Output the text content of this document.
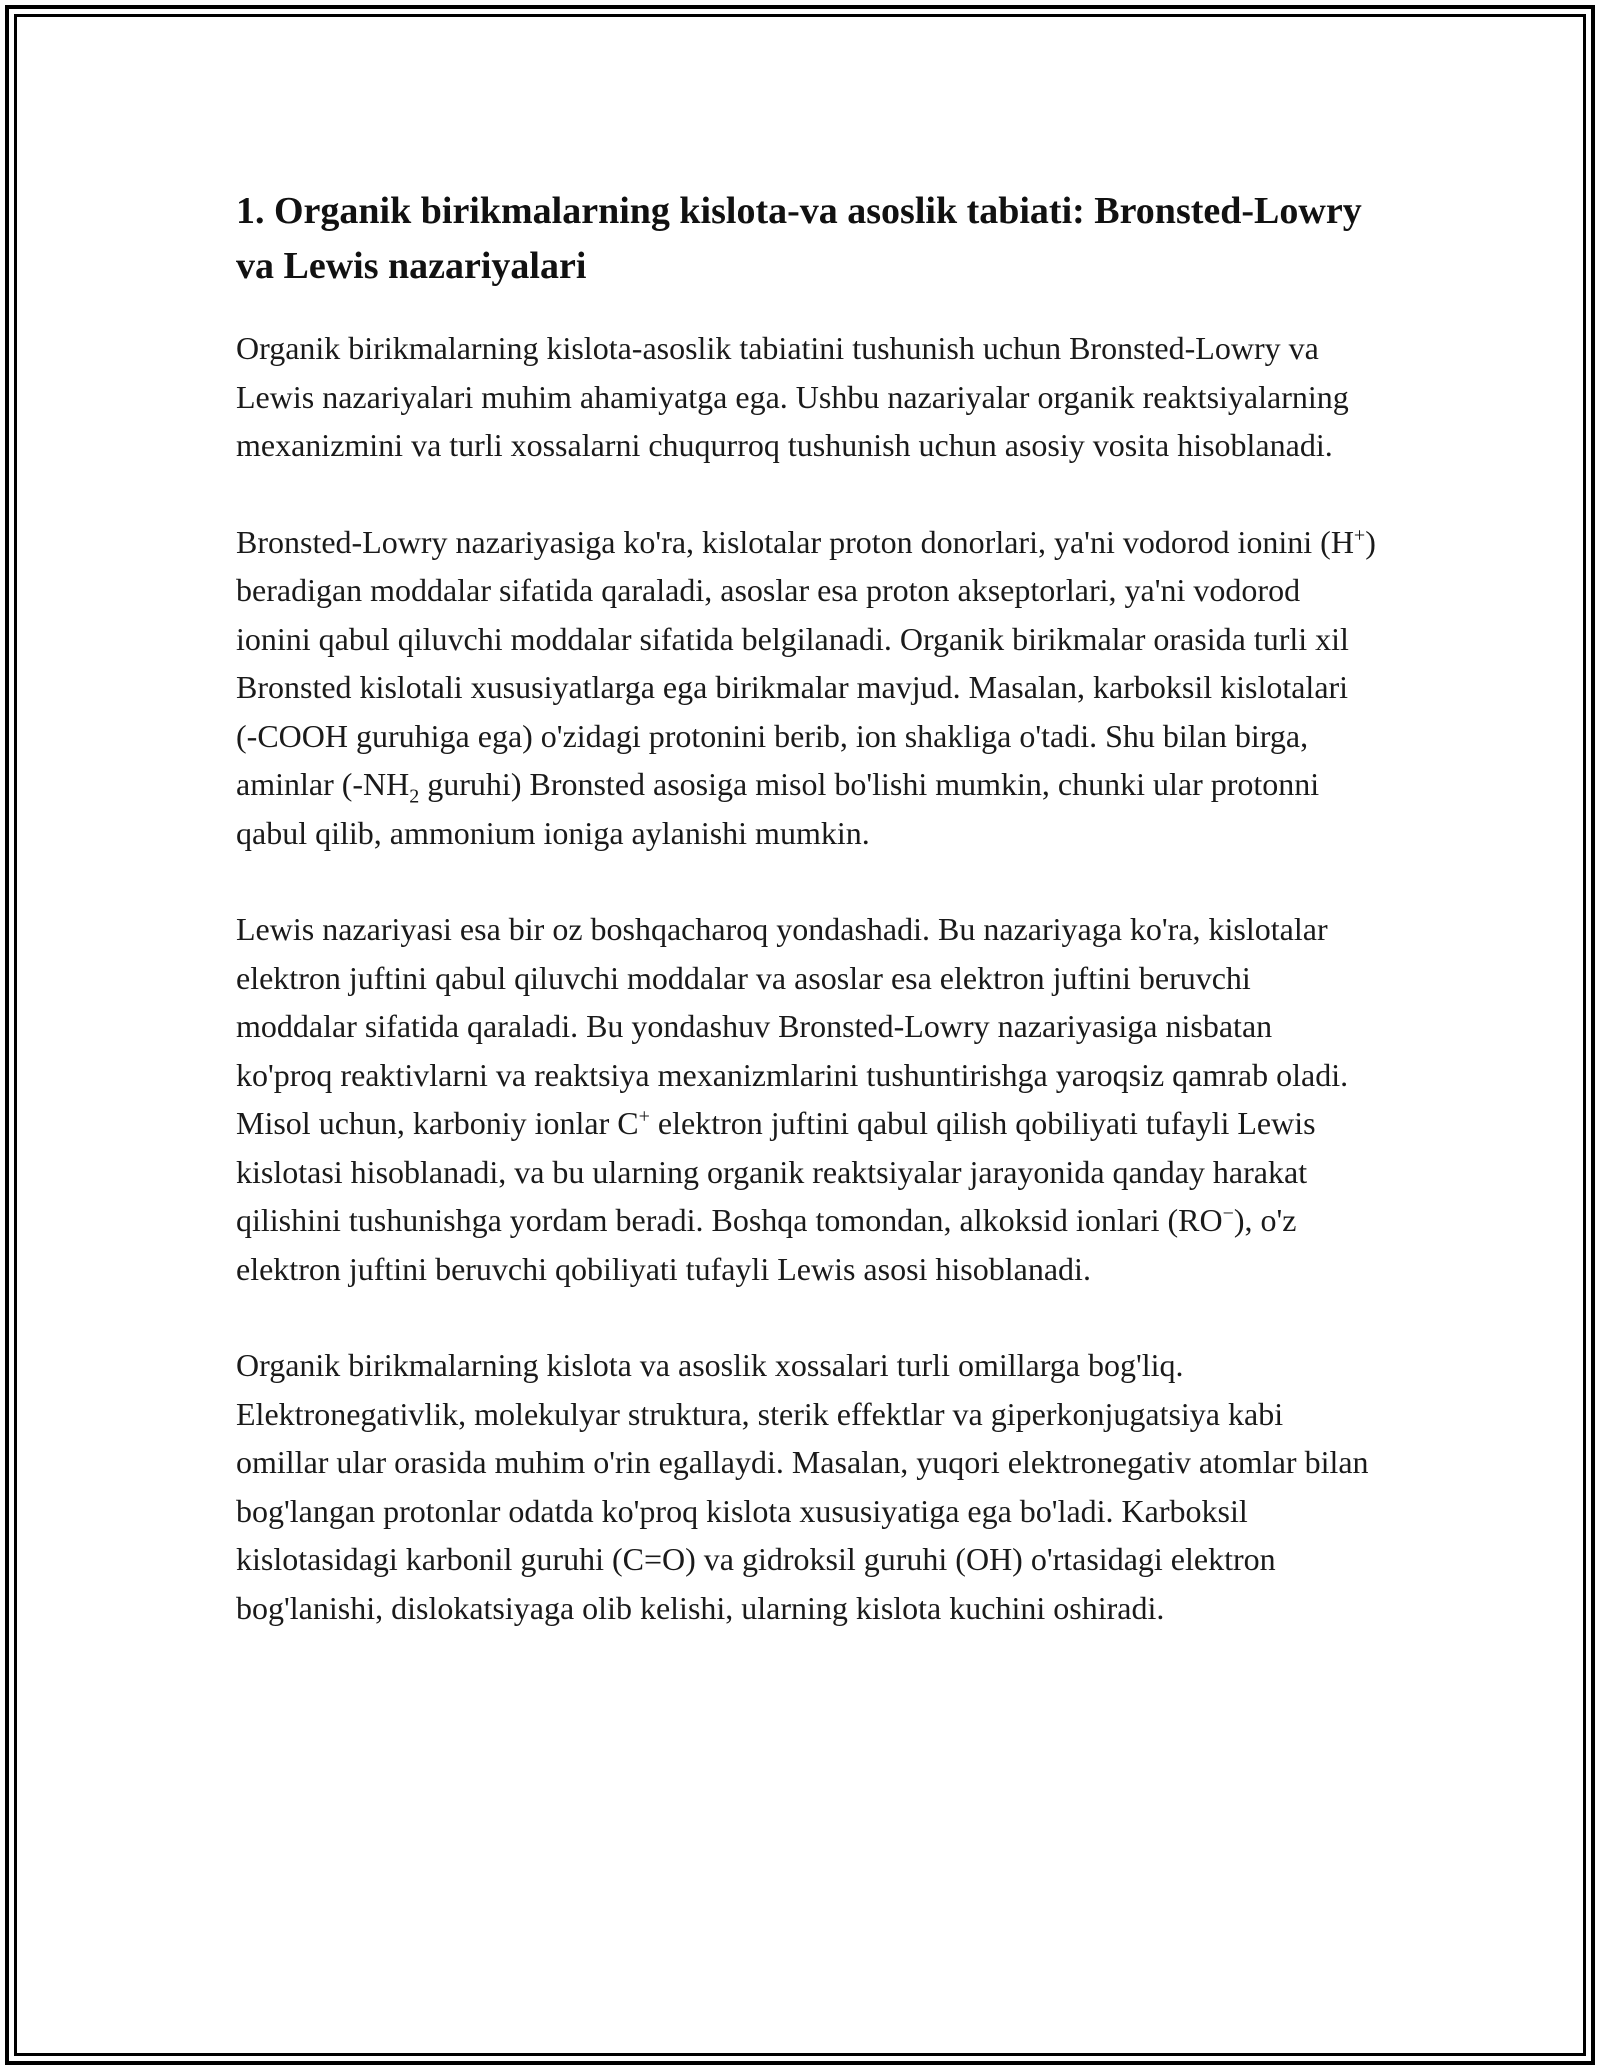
1. Organik birikmalarning kislota-va asoslik tabiati: Bronsted-Lowry va Lewis nazariyalari

Organik birikmalarning kislota-asoslik tabiatini tushunish uchun Bronsted-Lowry va Lewis nazariyalari muhim ahamiyatga ega. Ushbu nazariyalar organik reaktsiyalarning mexanizmini va turli xossalarni chuqurroq tushunish uchun asosiy vosita hisoblanadi.

Bronsted-Lowry nazariyasiga ko'ra, kislotalar proton donorlari, ya'ni vodorod ionini (H+) beradigan moddalar sifatida qaraladi, asoslar esa proton akseptorlari, ya'ni vodorod ionini qabul qiluvchi moddalar sifatida belgilanadi. Organik birikmalar orasida turli xil Bronsted kislotali xususiyatlarga ega birikmalar mavjud. Masalan, karboksil kislotalari (-COOH guruhiga ega) o'zidagi protonini berib, ion shakliga o'tadi. Shu bilan birga, aminlar ($-NH_2$ guruhi) Bronsted asosiga misol bo'lishi mumkin, chunki ular protonni qabul qilib, ammonium ioniga aylanishi mumkin.

Lewis nazariyasi esa bir oz boshqacharoq yondashadi. Bu nazariyaga ko'ra, kislotalar elektron juftini qabul qiluvchi moddalar va asoslar esa elektron juftini beruvchi moddalar sifatida qaraladi. Bu yondashuv Bronsted-Lowry nazariyasiga nisbatan ko'proq reaktivlarni va reaktsiya mexanizmlarini tushuntirishga yaroqsiz qamrab oladi. Misol uchun, karboniy ionlar C+ elektron juftini qabul qilish qobiliyati tufayli Lewis kislotasi hisoblanadi, va bu ularning organik reaktsiyalar jarayonida qanday harakat qilishini tushunishga yordam beradi. Boshqa tomondan, alkoksid ionlari (RO−), o'z elektron juftini beruvchi qobiliyati tufayli Lewis asosi hisoblanadi.

Organik birikmalarning kislota va asoslik xossalari turli omillarga bog'liq. Elektronegativlik, molekulyar struktura, sterik effektlar va giperkonjugatsiya kabi omillar ular orasida muhim o'rin egallaydi. Masalan, yuqori elektronegativ atomlar bilan bog'langan protonlar odatda ko'proq kislota xususiyatiga ega bo'ladi. Karboksil kislotasidagi karbonil guruhi (C=O) va gidroksil guruhi (OH) o'rtasidagi elektron bog'lanishi, dislokatsiyaga olib kelishi, ularning kislota kuchini oshiradi.
